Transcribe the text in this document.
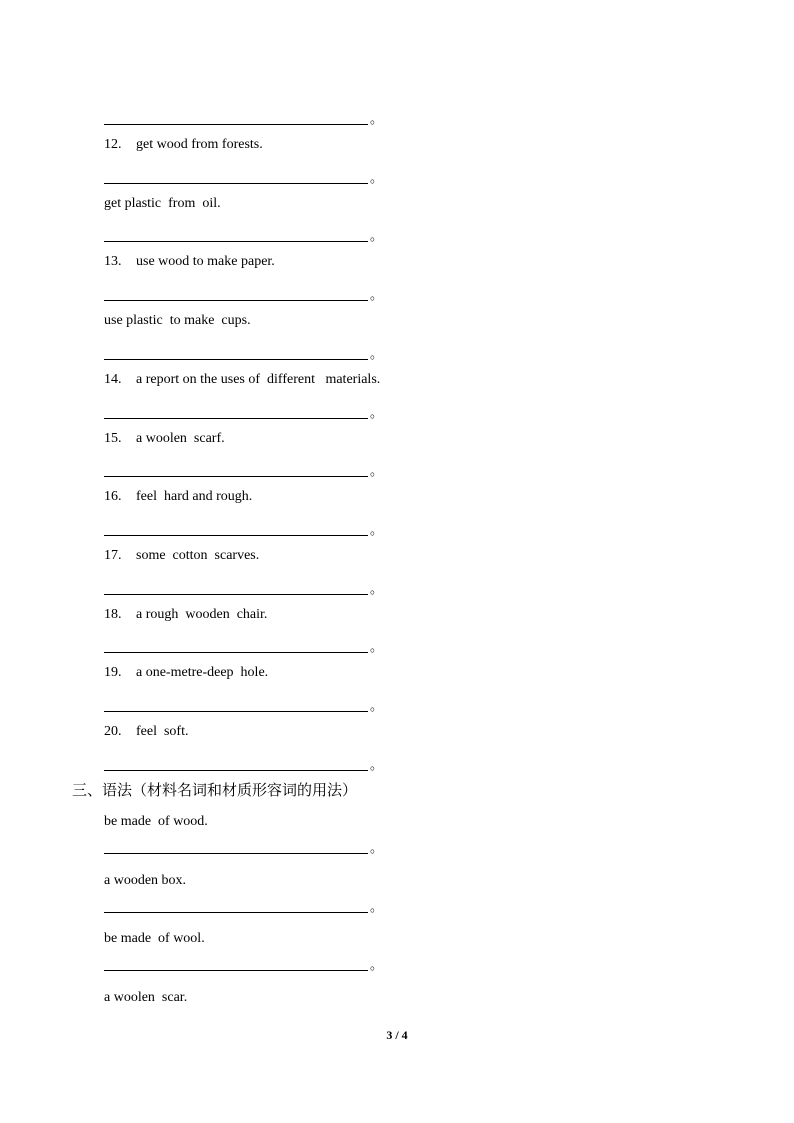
。
12. get wood from forests.
。
get plastic  from  oil.
。
13. use wood to make paper.
。
use plastic  to make  cups.
。
14. a report on the uses of  different   materials.
。
15. a woolen  scarf.
。
16. feel  hard and rough.
。
17. some  cotton  scarves.
。
18. a rough  wooden  chair.
。
19. a one-metre-deep  hole.
。
20. feel  soft.
。
三、语法（材料名词和材质形容词的用法）
be made  of wood.
。
a wooden box.
。
be made  of wool.
。
a woolen  scar.
3 / 4
